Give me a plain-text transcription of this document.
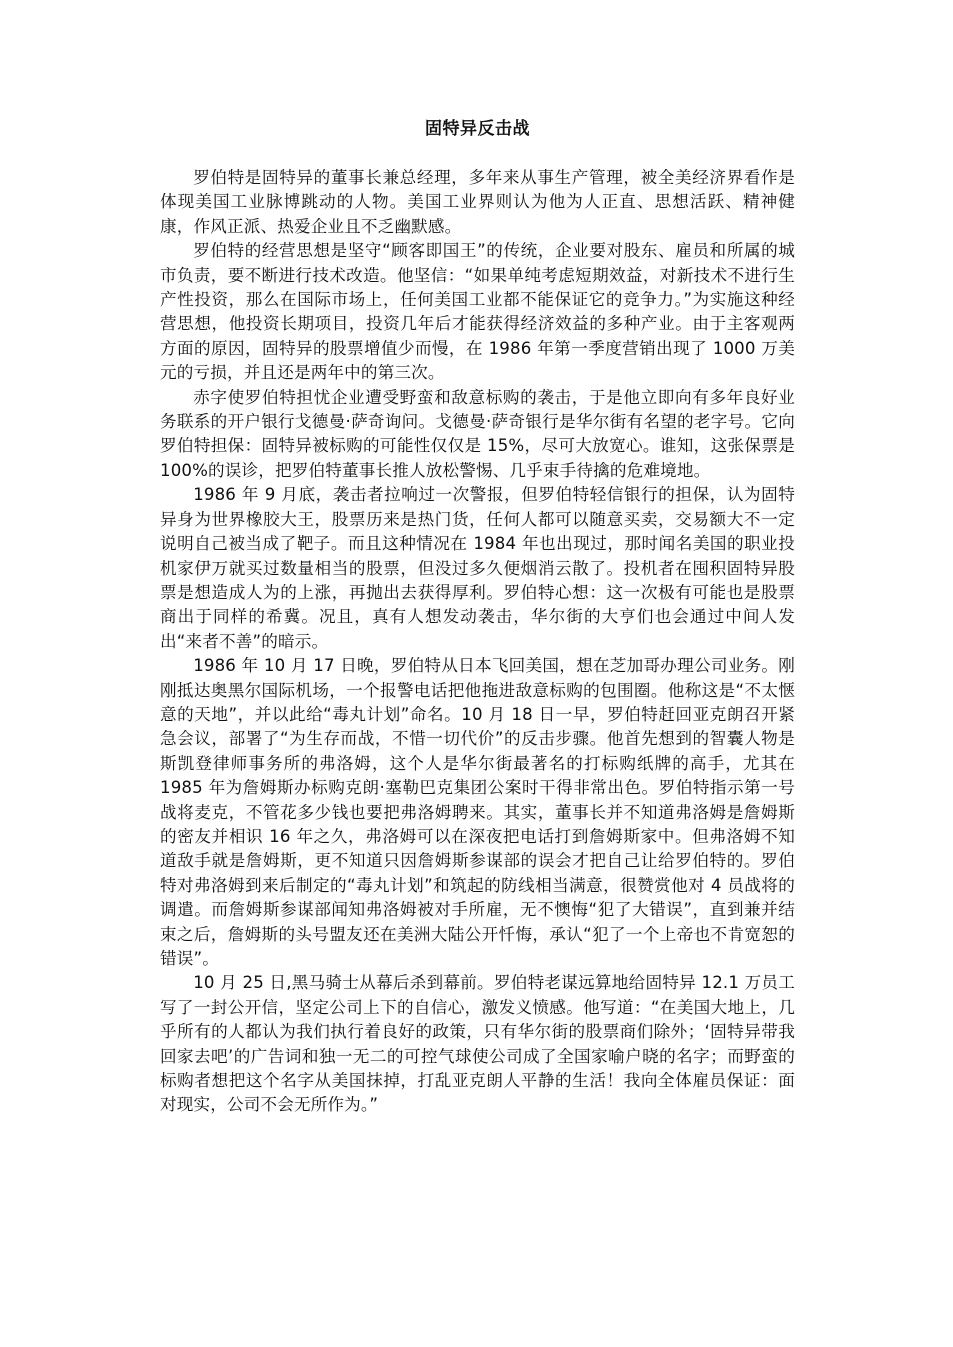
固特异反击战

罗伯特是固特异的董事长兼总经理，多年来从事生产管理，被全美经济界看作是体现美国工业脉博跳动的人物。美国工业界则认为他为人正直、思想活跃、精神健康，作风正派、热爱企业且不乏幽默感。

罗伯特的经营思想是坚守“顾客即国王”的传统，企业要对股东、雇员和所属的城市负责，要不断进行技术改造。他坚信：“如果单纯考虑短期效益，对新技术不进行生产性投资，那么在国际市场上，任何美国工业都不能保证它的竞争力。”为实施这种经营思想，他投资长期项目，投资几年后才能获得经济效益的多种产业。由于主客观两方面的原因，固特异的股票增值少而慢，在 1986 年第一季度营销出现了 1000 万美元的亏损，并且还是两年中的第三次。

赤字使罗伯特担忧企业遭受野蛮和敌意标购的袭击，于是他立即向有多年良好业务联系的开户银行戈德曼·萨奇询问。戈德曼·萨奇银行是华尔街有名望的老字号。它向罗伯特担保：固特异被标购的可能性仅仅是 15%，尽可大放宽心。谁知，这张保票是 100%的误诊，把罗伯特董事长推人放松警惕、几乎束手待擒的危难境地。

1986 年 9 月底，袭击者拉响过一次警报，但罗伯特轻信银行的担保，认为固特异身为世界橡胶大王，股票历来是热门货，任何人都可以随意买卖，交易额大不一定说明自己被当成了靶子。而且这种情况在 1984 年也出现过，那时闻名美国的职业投机家伊万就买过数量相当的股票，但没过多久便烟消云散了。投机者在囤积固特异股票是想造成人为的上涨，再抛出去获得厚利。罗伯特心想：这一次极有可能也是股票商出于同样的希冀。况且，真有人想发动袭击，华尔街的大亨们也会通过中间人发出“来者不善”的暗示。

1986 年 10 月 17 日晚，罗伯特从日本飞回美国，想在芝加哥办理公司业务。刚刚抵达奥黑尔国际机场，一个报警电话把他拖进敌意标购的包围圈。他称这是“不太惬意的天地”，并以此给“毒丸计划”命名。10 月 18 日一早，罗伯特赶回亚克朗召开紧急会议，部署了“为生存而战，不惜一切代价”的反击步骤。他首先想到的智囊人物是斯凯登律师事务所的弗洛姆，这个人是华尔街最著名的打标购纸牌的高手，尤其在 1985 年为詹姆斯办标购克朗·塞勒巴克集团公案时干得非常出色。罗伯特指示第一号战将麦克，不管花多少钱也要把弗洛姆聘来。其实，董事长并不知道弗洛姆是詹姆斯的密友并相识 16 年之久，弗洛姆可以在深夜把电话打到詹姆斯家中。但弗洛姆不知道敌手就是詹姆斯，更不知道只因詹姆斯参谋部的误会才把自己让给罗伯特的。罗伯特对弗洛姆到来后制定的“毒丸计划”和筑起的防线相当满意，很赞赏他对 4 员战将的调遣。而詹姆斯参谋部闻知弗洛姆被对手所雇，无不懊悔“犯了大错误”，直到兼并结束之后，詹姆斯的头号盟友还在美洲大陆公开忏悔，承认“犯了一个上帝也不肯宽恕的错误”。

10 月 25 日,黑马骑士从幕后杀到幕前。罗伯特老谋远算地给固特异 12.1 万员工写了一封公开信，坚定公司上下的自信心，激发义愤感。他写道：“在美国大地上，几乎所有的人都认为我们执行着良好的政策，只有华尔街的股票商们除外；‘固特异带我回家去吧’的广告词和独一无二的可控气球使公司成了全国家喻户晓的名字；而野蛮的标购者想把这个名字从美国抹掉，打乱亚克朗人平静的生活！我向全体雇员保证：面对现实，公司不会无所作为。”
